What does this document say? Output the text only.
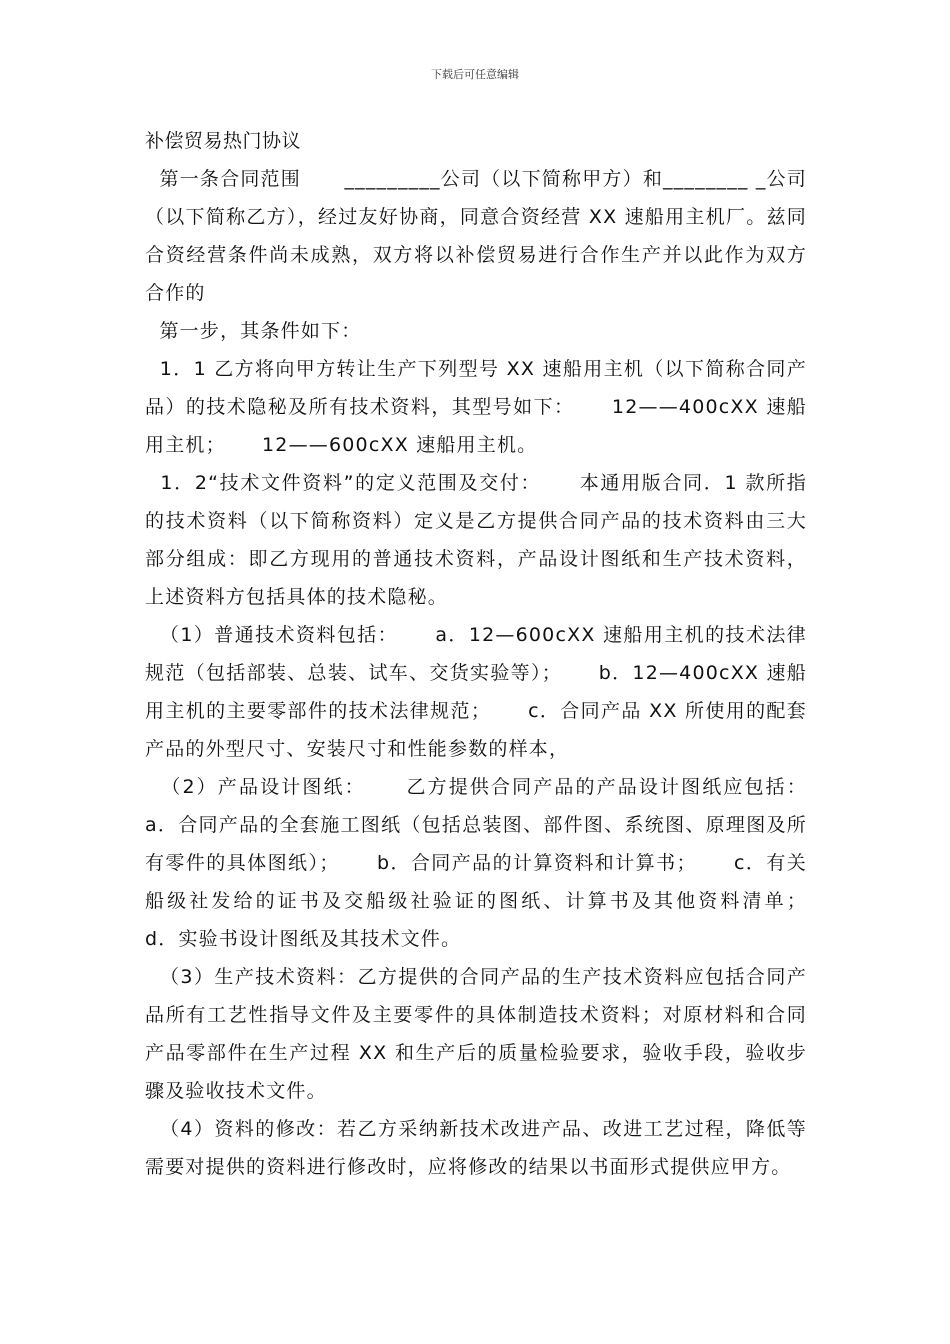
下载后可任意编辑

补偿贸易热门协议

第一条合同范围      _________公司（以下简称甲方）和________ _公司（以下简称乙方），经过友好协商，同意合资经营 XX 速船用主机厂。兹同合资经营条件尚未成熟，双方将以补偿贸易进行合作生产并以此作为双方合作的

第一步，其条件如下：

1．1 乙方将向甲方转让生产下列型号 XX 速船用主机（以下简称合同产品）的技术隐秘及所有技术资料，其型号如下：     12——400cXX 速船用主机；     12——600cXX 速船用主机。

1．2“技术文件资料”的定义范围及交付：     本通用版合同．1 款所指的技术资料（以下简称资料）定义是乙方提供合同产品的技术资料由三大部分组成：即乙方现用的普通技术资料，产品设计图纸和生产技术资料，上述资料方包括具体的技术隐秘。

（1）普通技术资料包括：     a．12—600cXX 速船用主机的技术法律规范（包括部装、总装、试车、交货实验等）；     b．12—400cXX 速船用主机的主要零部件的技术法律规范；     c．合同产品 XX 所使用的配套产品的外型尺寸、安装尺寸和性能参数的样本，

（2）产品设计图纸：     乙方提供合同产品的产品设计图纸应包括：     a．合同产品的全套施工图纸（包括总装图、部件图、系统图、原理图及所有零件的具体图纸）；     b．合同产品的计算资料和计算书；     c．有关船级社发给的证书及交船级社验证的图纸、计算书及其他资料清单；     d．实验书设计图纸及其技术文件。

（3）生产技术资料：乙方提供的合同产品的生产技术资料应包括合同产品所有工艺性指导文件及主要零件的具体制造技术资料；对原材料和合同产品零部件在生产过程 XX 和生产后的质量检验要求，验收手段，验收步骤及验收技术文件。

（4）资料的修改：若乙方采纳新技术改进产品、改进工艺过程，降低等需要对提供的资料进行修改时，应将修改的结果以书面形式提供应甲方。
